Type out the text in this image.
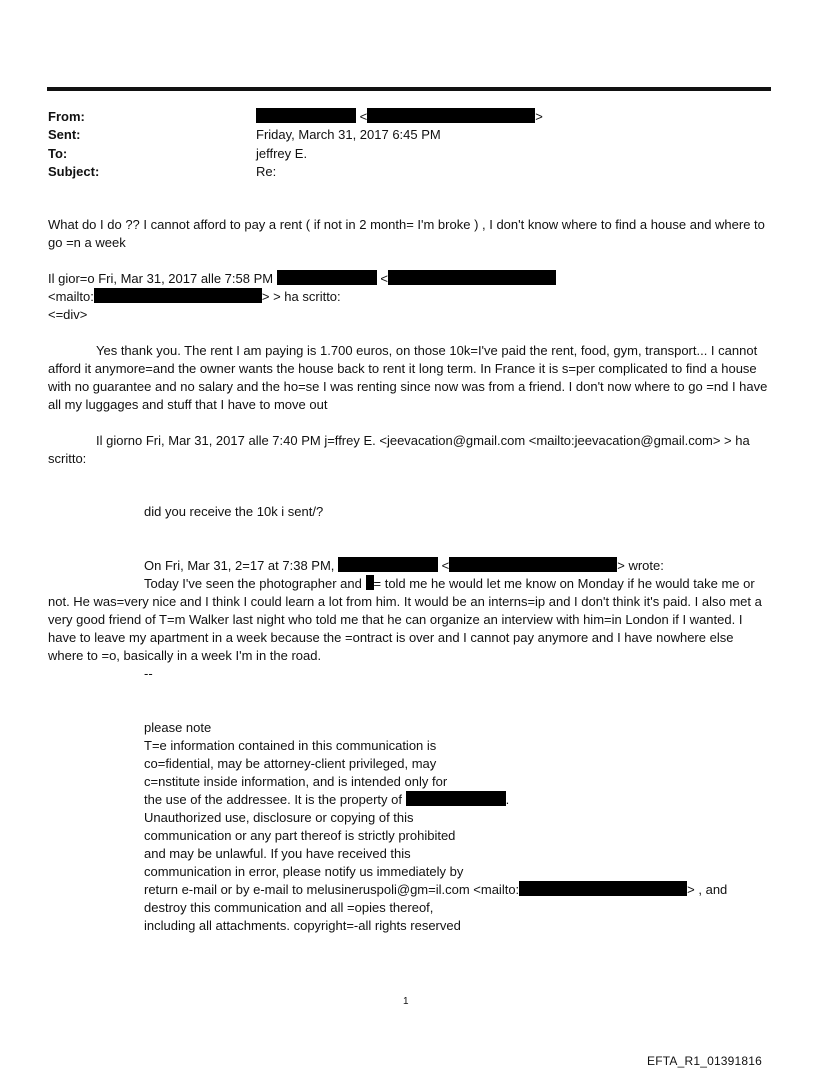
From:	<	>
Sent:	Friday, March 31, 2017 6:45 PM
To:	jeffrey E.
Subject:	Re:
What do I do ?? I cannot afford to pay a rent ( if not in 2 month= I'm broke ) , I don't know where to find a house and where to go =n a week
Il gior=o Fri, Mar 31, 2017 alle 7:58 PM	<
<mailto:	> > ha scritto:
<=div>
Yes thank you. The rent I am paying is 1.700 euros, on those 10k=I've paid the rent, food, gym, transport... I cannot afford it anymore=and the owner wants the house back to rent it long term. In France it is s=per complicated to find a house with no guarantee and no salary and the ho=se I was renting since now was from a friend. I don't now where to go =nd I have all my luggages and stuff that I have to move out
Il giorno Fri, Mar 31, 2017 alle 7:40 PM j=ffrey E. <jeevacation@gmail.com <mailto:jeevacation@gmail.com> > ha scritto:
did you receive the 10k i sent/?
On Fri, Mar 31, 2=17 at 7:38 PM,	<	> wrote:
Today I've seen the photographer and = told me he would let me know on Monday if he would take me or not. He was=very nice and I think I could learn a lot from him. It would be an interns=ip and I don't think it's paid. I also met a very good friend of T=m Walker last night who told me that he can organize an interview with him=in London if I wanted. I have to leave my apartment in a week because the =ontract is over and I cannot pay anymore and I have nowhere else where to =o, basically in a week I'm in the road.
--
please note
T=e information contained in this communication is
co=fidential, may be attorney-client privileged, may
c=nstitute inside information, and is intended only for
the use of the addressee. It is the property of	.
Unauthorized use, disclosure or copying of this
communication or any part thereof is strictly prohibited
and may be unlawful. If you have received this
communication in error, please notify us immediately by
return e-mail or by e-mail to melusineruspoli@gm=il.com <mailto:	> , and
destroy this communication and all =opies thereof,
including all attachments. copyright=-all rights reserved
1
EFTA_R1_01391816
